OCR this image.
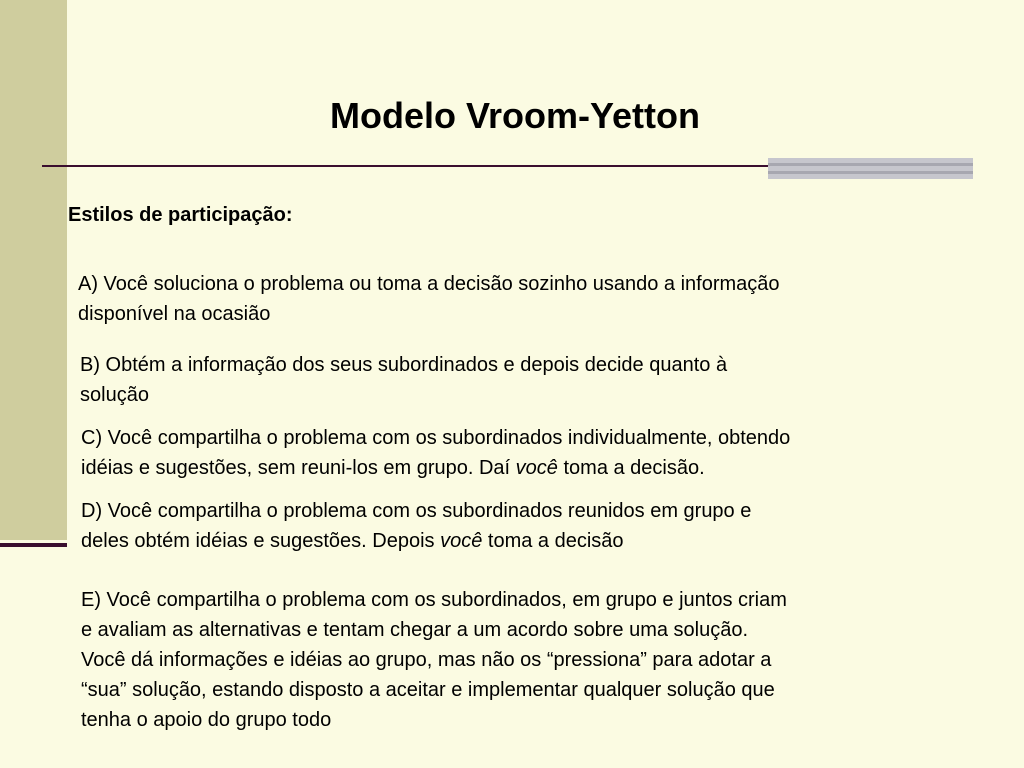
Modelo Vroom-Yetton

Estilos de participação:

A) Você soluciona o problema ou toma a decisão sozinho usando a informação
disponível na ocasião

B) Obtém a informação dos seus subordinados e depois decide quanto à
solução

C) Você compartilha o problema com os subordinados individualmente, obtendo
idéias e sugestões, sem reuni-los em grupo. Daí você toma a decisão.

D) Você compartilha o problema com os subordinados reunidos em grupo e
deles obtém idéias e sugestões. Depois você toma a decisão

E) Você compartilha o problema com os subordinados, em grupo e juntos criam
e avaliam as alternativas e tentam chegar a um acordo sobre uma solução.
Você dá informações e idéias ao grupo, mas não os “pressiona” para adotar a
“sua” solução, estando disposto a aceitar e implementar qualquer solução que
tenha o apoio do grupo todo
